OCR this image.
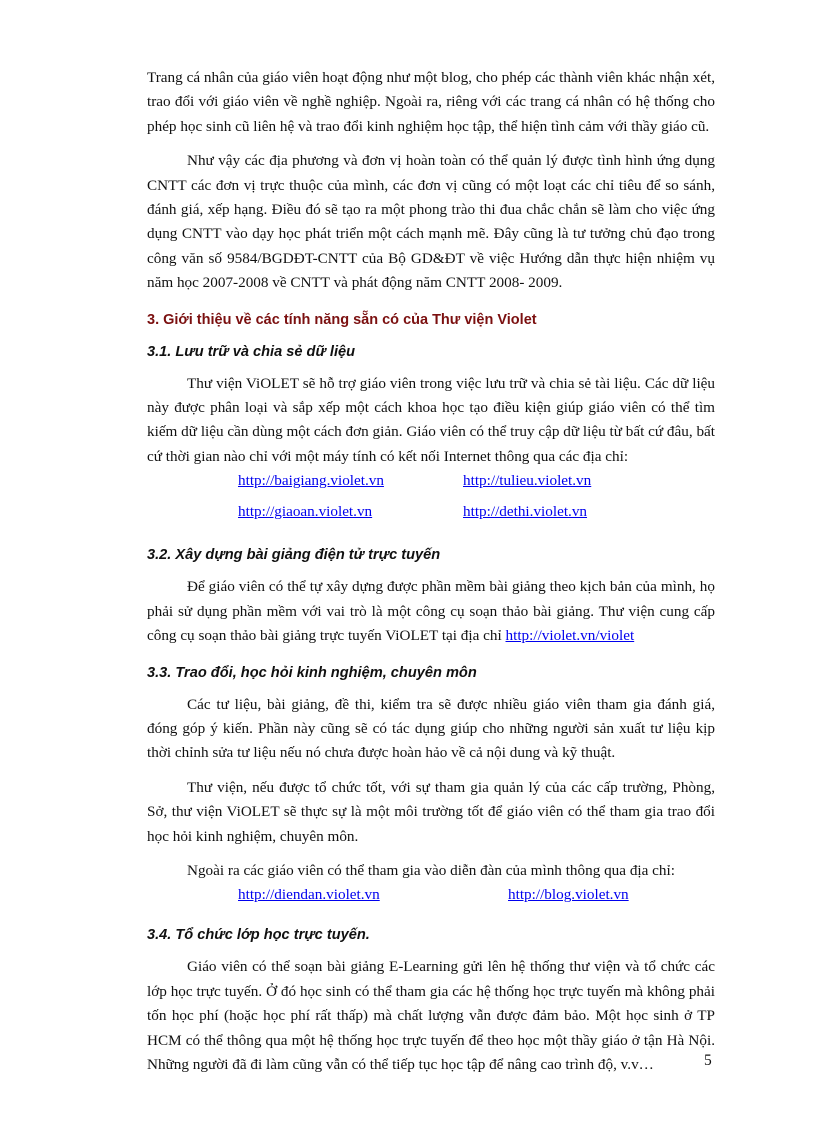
Trang cá nhân của giáo viên hoạt động như một blog, cho phép các thành viên khác nhận xét, trao đổi với giáo viên về nghề nghiệp. Ngoài ra, riêng với các trang cá nhân có hệ thống cho phép học sinh cũ liên hệ và trao đổi kinh nghiệm học tập, thể hiện tình cảm với thầy giáo cũ.

Như vậy các địa phương và đơn vị hoàn toàn có thể quản lý được tình hình ứng dụng CNTT các đơn vị trực thuộc của mình, các đơn vị cũng có một loạt các chỉ tiêu để so sánh, đánh giá, xếp hạng. Điều đó sẽ tạo ra một phong trào thi đua chắc chắn sẽ làm cho việc ứng dụng CNTT vào dạy học phát triển một cách mạnh mẽ. Đây cũng là tư tưởng chủ đạo trong công văn số 9584/BGDĐT-CNTT của Bộ GD&ĐT về việc Hướng dẫn thực hiện nhiệm vụ năm học 2007-2008 về CNTT và phát động năm CNTT 2008- 2009.

3. Giới thiệu về các tính năng sẵn có của Thư viện Violet
3.1. Lưu trữ và chia sẻ dữ liệu

Thư viện ViOLET sẽ hỗ trợ giáo viên trong việc lưu trữ và chia sẻ tài liệu. Các dữ liệu này được phân loại và sắp xếp một cách khoa học tạo điều kiện giúp giáo viên có thể tìm kiếm dữ liệu cần dùng một cách đơn giản. Giáo viên có thể truy cập dữ liệu từ bất cứ đâu, bất cứ thời gian nào chỉ với một máy tính có kết nối Internet thông qua các địa chỉ:

http://baigiang.violet.vn	http://tulieu.violet.vn
http://giaoan.violet.vn	http://dethi.violet.vn
3.2. Xây dựng bài giảng điện tử trực tuyến

Để giáo viên có thể tự xây dựng được phần mềm bài giảng theo kịch bản của mình, họ phải sử dụng phần mềm với vai trò là một công cụ soạn thảo bài giảng. Thư viện cung cấp công cụ soạn thảo bài giảng trực tuyến ViOLET tại địa chỉ http://violet.vn/violet

3.3. Trao đổi, học hỏi kinh nghiệm, chuyên môn

Các tư liệu, bài giảng, đề thi, kiểm tra sẽ được nhiều giáo viên tham gia đánh giá, đóng góp ý kiến. Phần này cũng sẽ có tác dụng giúp cho những người sản xuất tư liệu kịp thời chỉnh sửa tư liệu nếu nó chưa được hoàn hảo về cả nội dung và kỹ thuật.

Thư viện, nếu được tổ chức tốt, với sự tham gia quản lý của các cấp trường, Phòng, Sở, thư viện ViOLET sẽ thực sự là một môi trường tốt để giáo viên có thể tham gia trao đổi học hỏi kinh nghiệm, chuyên môn.

Ngoài ra các giáo viên có thể tham gia vào diễn đàn của mình thông qua địa chỉ:

http://diendan.violet.vn	http://blog.violet.vn
3.4. Tổ chức lớp học trực tuyến.

Giáo viên có thể soạn bài giảng E-Learning gửi lên hệ thống thư viện và tổ chức các lớp học trực tuyến. Ở đó học sinh có thể tham gia các hệ thống học trực tuyến mà không phải tốn học phí (hoặc học phí rất thấp) mà chất lượng vẫn được đảm bảo. Một học sinh ở TP HCM có thể thông qua một hệ thống học trực tuyến để theo học một thầy giáo ở tận Hà Nội. Những người đã đi làm cũng vẫn có thể tiếp tục học tập để nâng cao trình độ, v.v…	5
